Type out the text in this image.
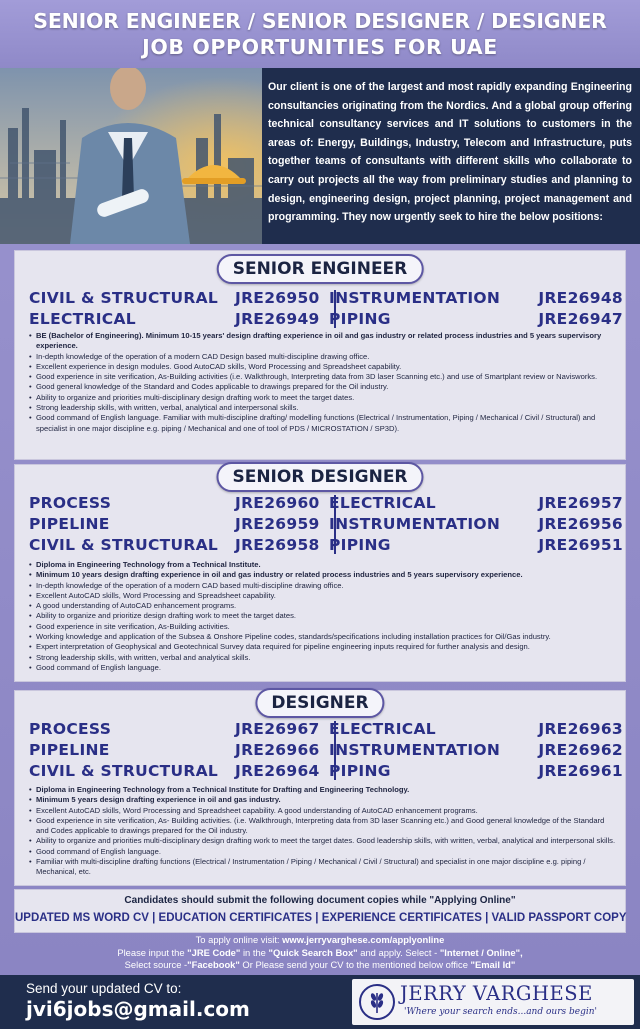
SENIOR ENGINEER / SENIOR DESIGNER / DESIGNER
JOB OPPORTUNITIES FOR UAE

Our client is one of the largest and most rapidly expanding Engineering consultancies originating from the Nordics. And a global group offering technical consultancy services and IT solutions to customers in the areas of: Energy, Buildings, Industry, Telecom and Infrastructure, puts together teams of consultants with different skills who collaborate to carry out projects all the way from preliminary studies and planning to design, engineering design, project planning, project management and programming. They now urgently seek to hire the below positions:

SENIOR ENGINEER
CIVIL & STRUCTURAL JRE26950 INSTRUMENTATION JRE26948
ELECTRICAL	JRE26949 PIPING	JRE26947
• BE (Bachelor of Engineering). Minimum 10-15 years' design drafting experience in oil and gas industry or related process industries and 5 years supervisory experience.
• In-depth knowledge of the operation of a modern CAD Design based multi-discipline drawing office.
• Excellent experience in design modules. Good AutoCAD skills, Word Processing and Spreadsheet capability.
• Good experience in site verification, As-Building activities (i.e. Walkthrough, Interpreting data from 3D laser Scanning etc.) and use of Smartplant review or Navisworks.
• Good general knowledge of the Standard and Codes applicable to drawings prepared for the Oil industry.
• Ability to organize and priorities multi-disciplinary design drafting work to meet the target dates.
• Strong leadership skills, with written, verbal, analytical and interpersonal skills.
• Good command of English language. Familiar with multi-discipline drafting/ modelling functions (Electrical / Instrumentation, Piping / Mechanical / Civil / Structural) and specialist in one major discipline e.g. piping / Mechanical and one of tool of PDS / MICROSTATION / SP3D).
SENIOR DESIGNER
PROCESS	JRE26960 ELECTRICAL	JRE26957
PIPELINE	JRE26959 INSTRUMENTATION JRE26956
CIVIL & STRUCTURAL JRE26958 PIPING	JRE26951
• Diploma in Engineering Technology from a Technical Institute.
• Minimum 10 years design drafting experience in oil and gas industry or related process industries and 5 years supervisory experience.
• In-depth knowledge of the operation of a modern CAD based multi-discipline drawing office.
• Excellent AutoCAD skills, Word Processing and Spreadsheet capability.
• A good understanding of AutoCAD enhancement programs.
• Ability to organize and prioritize design drafting work to meet the target dates.
• Good experience in site verification, As-Building activities.
• Working knowledge and application of the Subsea & Onshore Pipeline codes, standards/specifications including installation practices for Oil/Gas industry.
• Expert interpretation of Geophysical and Geotechnical Survey data required for pipeline engineering inputs required for further analysis and design.
• Strong leadership skills, with written, verbal and analytical skills.
• Good command of English language.
DESIGNER
PROCESS	JRE26967 ELECTRICAL	JRE26963
PIPELINE	JRE26966 INSTRUMENTATION JRE26962
CIVIL & STRUCTURAL JRE26964 PIPING	JRE26961
• Diploma in Engineering Technology from a Technical Institute for Drafting and Engineering Technology.
• Minimum 5 years design drafting experience in oil and gas industry.
• Excellent AutoCAD skills, Word Processing and Spreadsheet capability. A good understanding of AutoCAD enhancement programs.
• Good experience in site verification, As- Building activities. (i.e. Walkthrough, Interpreting data from 3D laser Scanning etc.) and Good general knowledge of the Standard and Codes applicable to drawings prepared for the Oil industry.
• Ability to organize and priorities multi-disciplinary design drafting work to meet the target dates. Good leadership skills, with written, verbal, analytical and interpersonal skills.
• Good command of English language.
• Familiar with multi-discipline drafting functions (Electrical / Instrumentation / Piping / Mechanical / Civil / Structural) and specialist in one major discipline e.g. piping / Mechanical, etc.
Candidates should submit the following document copies while "Applying Online"
UPDATED MS WORD CV | EDUCATION CERTIFICATES | EXPERIENCE CERTIFICATES | VALID PASSPORT COPY
To apply online visit: www.jerryvarghese.com/applyonline
Please input the "JRE Code" in the "Quick Search Box" and apply. Select - "Internet / Online",
Select source -"Facebook" Or Please send your CV to the mentioned below office "Email Id"
Send your updated CV to:
jvi6jobs@gmail.com
JERRY VARGHESE
'Where your search ends...and ours begin'
